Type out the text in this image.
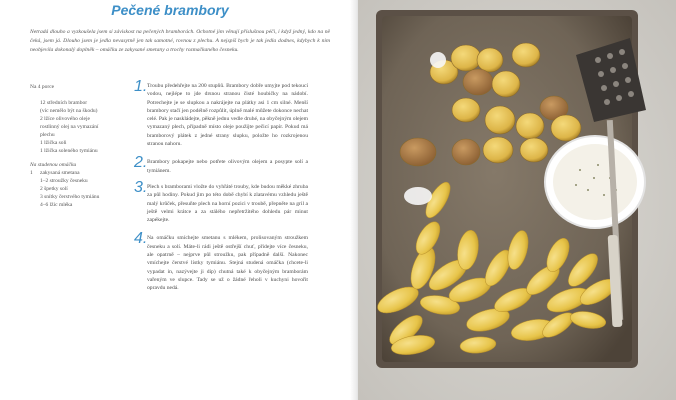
Pečené brambory

Netradá dlouho a vyzkoušela jsem si záviskost na pečených bramborách. Ochotné jim věnují příslušnou péči, i když jedný, kdo na ně čeká, jsem já. Dlouho jsem je jedla nevasytně jen tak samotné, rovnou z plechu. A nejspíš bych je tak jedla dodnes, kdybych k nim neobjevila dokonalý doplněk – omáčku ze zakysané smetany a trochy rozmačkaného česneku.

Na 4 porce
12 středních brambor
(víc nemělo být na škodu)
2 lžíce olivového oleje
rostlinný olej na vymazání
plechu
1 lžička soli
1 lžička soleného tymiánu
Na studenou omáčku
1	zakysaná smetana
1–2 stroužky česneku
2 špetky solí
3 snítky čerstvého tymiánu
4–6 lžic mléka
1. Troubu předehřejte na 200 stupňů. Brambory dobře umyjte pod tekoucí vodou, nejlépe to jde drsnou stranou čisté houbičky na nádobí. Potrechejte je se slupkou a nakrájejte na plátky asi 1 cm silné. Menší brambory stačí jen podélně rozpůlit, úplně malé můžete dokonce nechat celé. Pak je naskládejte, pěkně jednu vedle druhé, na obyčejným olejem vymazaný plech, případně místo oleje použijte pečicí papír. Pokud má bramborový plátek z jedné strany slupku, položte ho rozkrojenou stranou nahoru.

2. Brambory pokapejte nebo potřete olivovým olejem a posypte solí a tymiánem.

3. Plech s bramborami vložte do vyhřáté trouby, kde budou měkké zhruba za půl hodiny. Pokud jim po této době chybí k zlatavému vzhledu ještě malý krůček, přesuňte plech na horní pozici v troubě, přepněte na gril a ještě velmi krátce a za stálého nepřetržitého dohledu pár minut zapékejte.

4. Na omáčku smíchejte smetanu s mlékem, prolisovaným stroužkem česneku a solí. Máte-li rádi ještě ostřejší chuť, přidejte více česneku, ale opatrně – nejprve půl stroužku, pak případně další. Nakonec vmíchejte čerstvé lístky tymiánu. Stejná studená omáčka (chcete-li vypadat in, nazývejte ji dip) chutná také k obyčejným bramborám vařeným ve slupce. Tady se už o žádné řeholi v kuchyni hovořit opravdu nedá.
